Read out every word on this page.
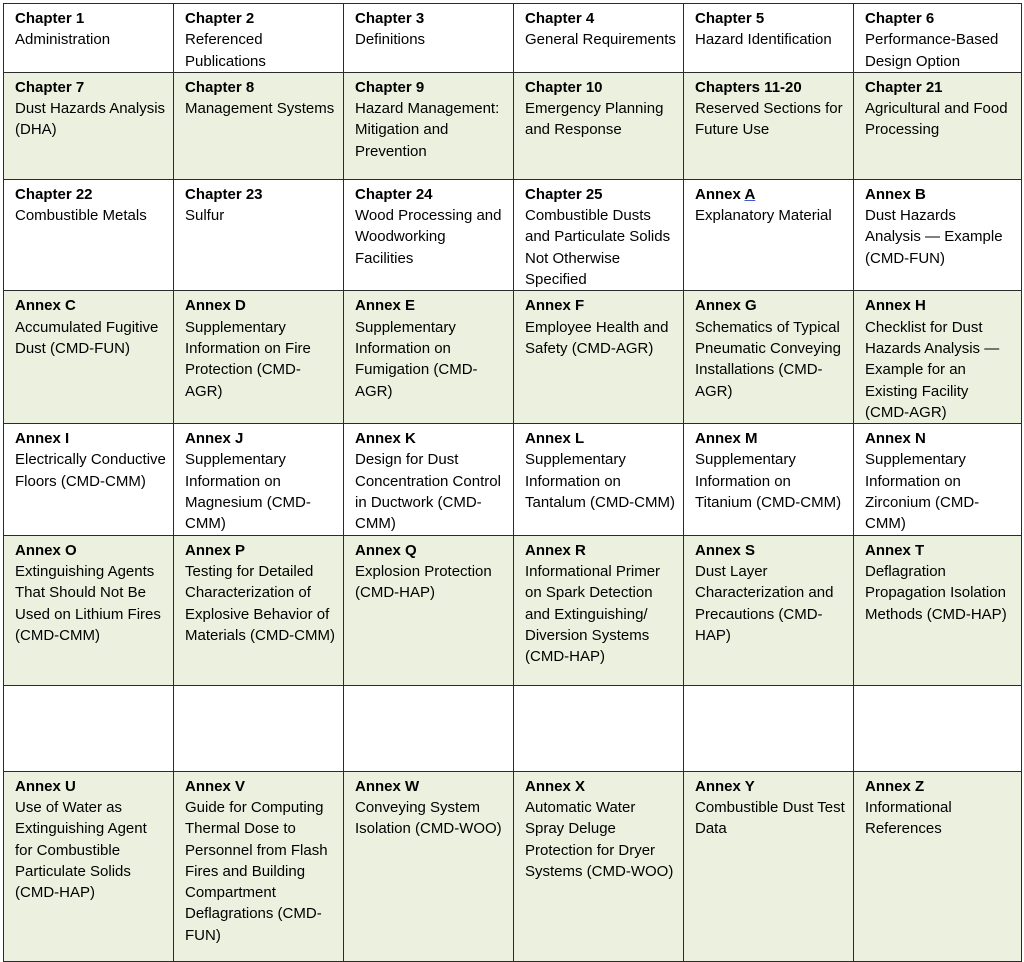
Chapter 1
Administration	Chapter 2
Referenced Publications	Chapter 3
Definitions	Chapter 4
General Requirements	Chapter 5
Hazard Identification	Chapter 6
Performance-Based Design Option

Chapter 7
Dust Hazards Analysis (DHA)	Chapter 8
Management Systems	Chapter 9
Hazard Management: Mitigation and Prevention	Chapter 10
Emergency Planning and Response	Chapters 11-20
Reserved Sections for Future Use	Chapter 21
Agricultural and Food Processing

Chapter 22
Combustible Metals	Chapter 23
Sulfur	Chapter 24
Wood Processing and Woodworking Facilities	Chapter 25
Combustible Dusts and Particulate Solids Not Otherwise Specified	Annex A
Explanatory Material	Annex B
Dust Hazards Analysis — Example (CMD-FUN)

Annex C
Accumulated Fugitive Dust (CMD-FUN)	Annex D
Supplementary Information on Fire Protection (CMD-AGR)	Annex E
Supplementary Information on Fumigation (CMD-AGR)	Annex F
Employee Health and Safety (CMD-AGR)	Annex G
Schematics of Typical Pneumatic Conveying Installations (CMD-AGR)	Annex H
Checklist for Dust Hazards Analysis — Example for an Existing Facility (CMD-AGR)

Annex I
Electrically Conductive Floors (CMD-CMM)	Annex J
Supplementary Information on Magnesium (CMD-CMM)	Annex K
Design for Dust Concentration Control in Ductwork (CMD-CMM)	Annex L
Supplementary Information on Tantalum (CMD-CMM)	Annex M
Supplementary Information on Titanium (CMD-CMM)	Annex N
Supplementary Information on Zirconium (CMD-CMM)

Annex O
Extinguishing Agents That Should Not Be Used on Lithium Fires (CMD-CMM)	Annex P
Testing for Detailed Characterization of Explosive Behavior of Materials (CMD-CMM)	Annex Q
Explosion Protection (CMD-HAP)	Annex R
Informational Primer on Spark Detection and Extinguishing/ Diversion Systems (CMD-HAP)	Annex S
Dust Layer Characterization and Precautions (CMD-HAP)	Annex T
Deflagration Propagation Isolation Methods (CMD-HAP)

Annex U
Use of Water as Extinguishing Agent for Combustible Particulate Solids (CMD-HAP)	Annex V
Guide for Computing Thermal Dose to Personnel from Flash Fires and Building Compartment Deflagrations (CMD-FUN)	Annex W
Conveying System Isolation (CMD-WOO)	Annex X
Automatic Water Spray Deluge Protection for Dryer Systems (CMD-WOO)	Annex Y
Combustible Dust Test Data	Annex Z
Informational References
